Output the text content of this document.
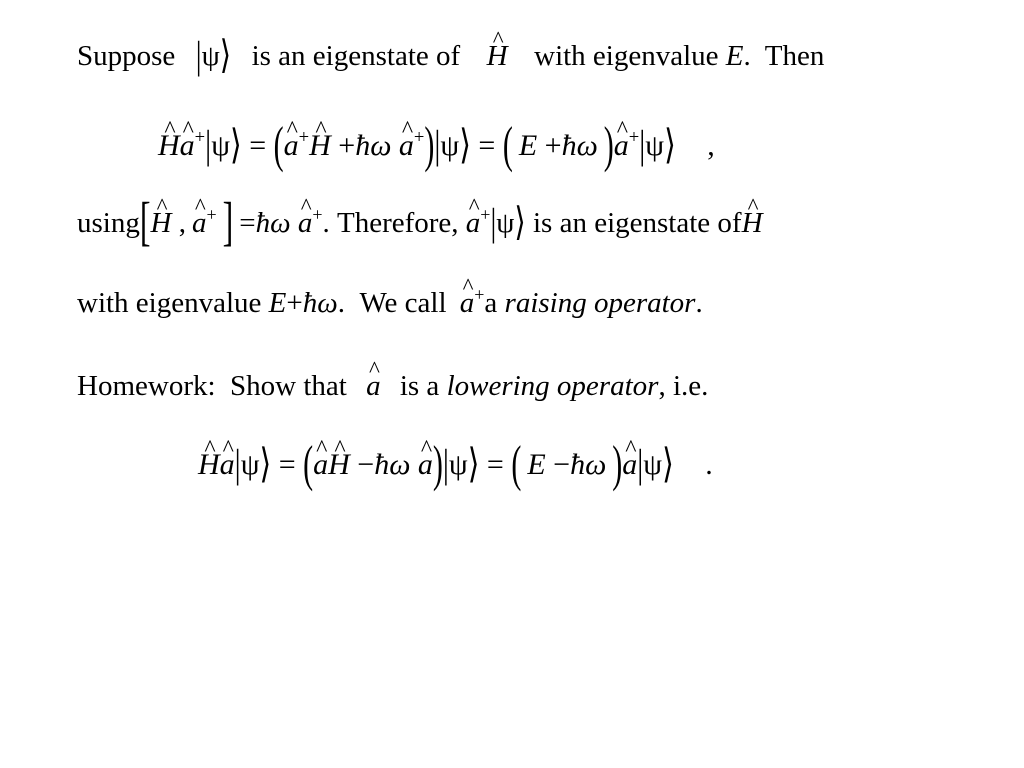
Suppose |ψ⟩ is an eigenstate of ^ H with eigenvalue E.  Then
^ H^ a+|ψ⟩ = (^ a+^ H +ħω ^ a+)|ψ⟩ = ( E +ħω )^ a+|ψ⟩ ,
using[^ H , ^ a+ ] =ħω ^ a+. Therefore, ^ a+|ψ⟩ is an eigenstate of^ H
with eigenvalue E+ħω.  We call ^ a+a raising operator.
Homework:  Show that ^ a is a lowering operator, i.e.
^ H^ a|ψ⟩ = (^ a^ H −ħω ^ a)|ψ⟩ = ( E −ħω )^ a|ψ⟩ .
